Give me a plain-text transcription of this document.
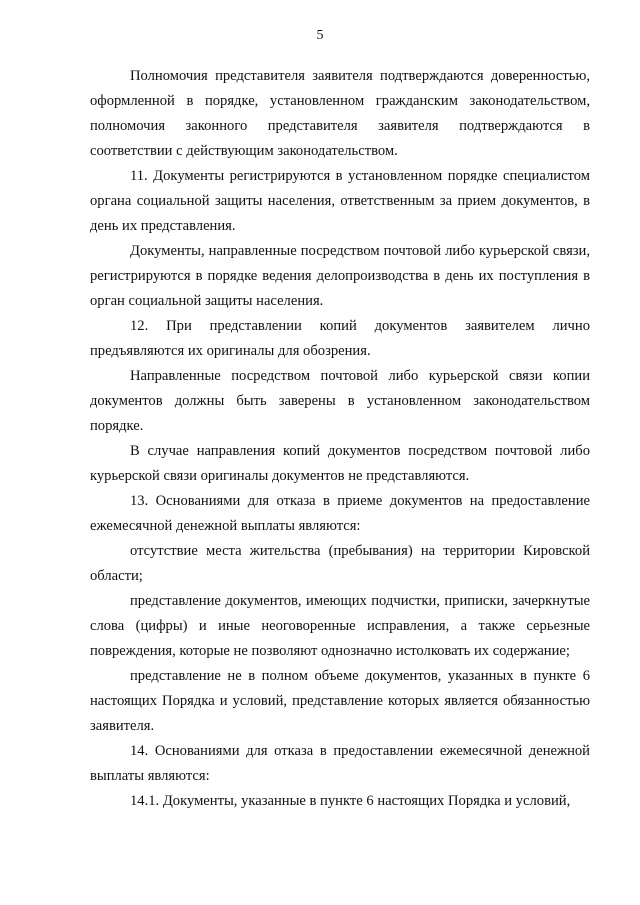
5

Полномочия представителя заявителя подтверждаются доверенностью, оформленной в порядке, установленном гражданским законодательством, полномочия законного представителя заявителя подтверждаются в соответствии с действующим законодательством.

11. Документы регистрируются в установленном порядке специалистом органа социальной защиты населения, ответственным за прием документов, в день их представления.

Документы, направленные посредством почтовой либо курьерской связи, регистрируются в порядке ведения делопроизводства в день их поступления в орган социальной защиты населения.

12. При представлении копий документов заявителем лично предъявляются их оригиналы для обозрения.

Направленные посредством почтовой либо курьерской связи копии документов должны быть заверены в установленном законодательством порядке.

В случае направления копий документов посредством почтовой либо курьерской связи оригиналы документов не представляются.

13. Основаниями для отказа в приеме документов на предоставление ежемесячной денежной выплаты являются:

отсутствие места жительства (пребывания) на территории Кировской области;

представление документов, имеющих подчистки, приписки, зачеркнутые слова (цифры) и иные неоговоренные исправления, а также серьезные повреждения, которые не позволяют однозначно истолковать их содержание;

представление не в полном объеме документов, указанных в пункте 6 настоящих Порядка и условий, представление которых является обязанностью заявителя.

14. Основаниями для отказа в предоставлении ежемесячной денежной выплаты являются:

14.1. Документы, указанные в пункте 6 настоящих Порядка и условий,
